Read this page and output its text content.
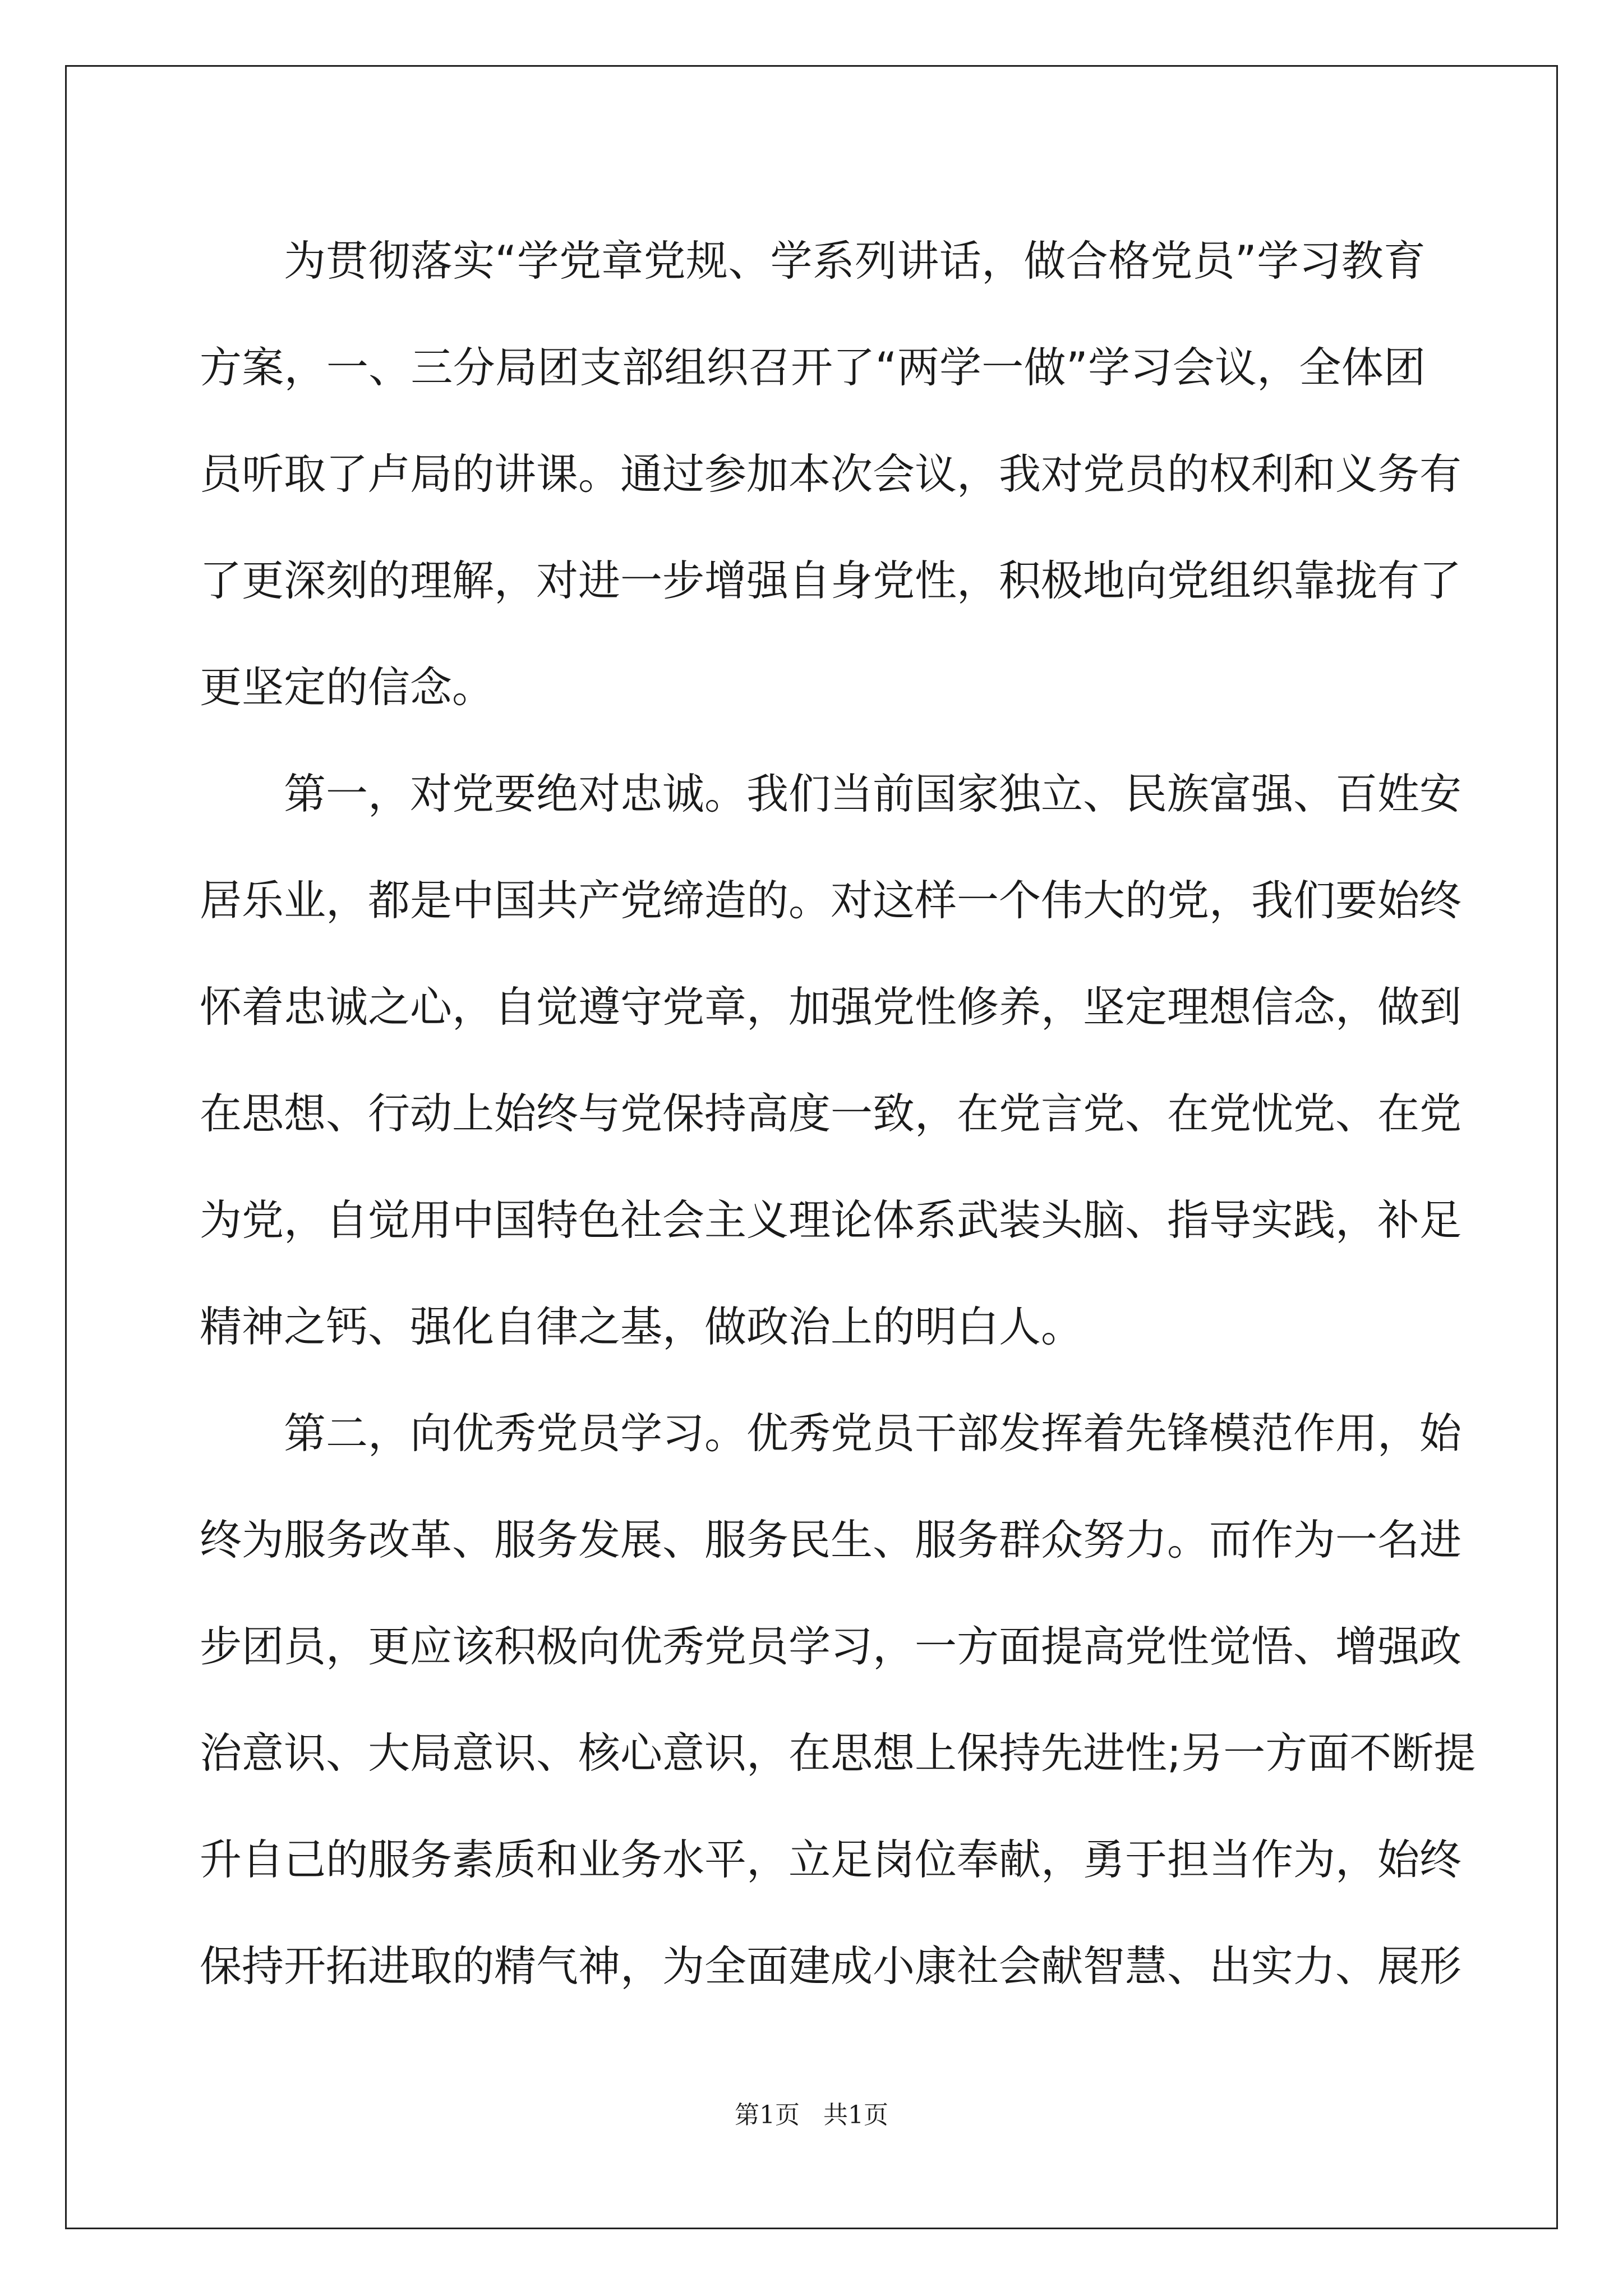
为贯彻落实“学党章党规、学系列讲话，做合格党员”学习教育
方案，一、三分局团支部组织召开了“两学一做”学习会议，全体团
员听取了卢局的讲课。通过参加本次会议，我对党员的权利和义务有
了更深刻的理解，对进一步增强自身党性，积极地向党组织靠拢有了
更坚定的信念。
第一，对党要绝对忠诚。我们当前国家独立、民族富强、百姓安
居乐业，都是中国共产党缔造的。对这样一个伟大的党，我们要始终
怀着忠诚之心，自觉遵守党章，加强党性修养，坚定理想信念，做到
在思想、行动上始终与党保持高度一致，在党言党、在党忧党、在党
为党，自觉用中国特色社会主义理论体系武装头脑、指导实践，补足
精神之钙、强化自律之基，做政治上的明白人。
第二，向优秀党员学习。优秀党员干部发挥着先锋模范作用，始
终为服务改革、服务发展、服务民生、服务群众努力。而作为一名进
步团员，更应该积极向优秀党员学习，一方面提高党性觉悟、增强政
治意识、大局意识、核心意识，在思想上保持先进性;另一方面不断提
升自己的服务素质和业务水平，立足岗位奉献，勇于担当作为，始终
保持开拓进取的精气神，为全面建成小康社会献智慧、出实力、展形
第1页   共1页
